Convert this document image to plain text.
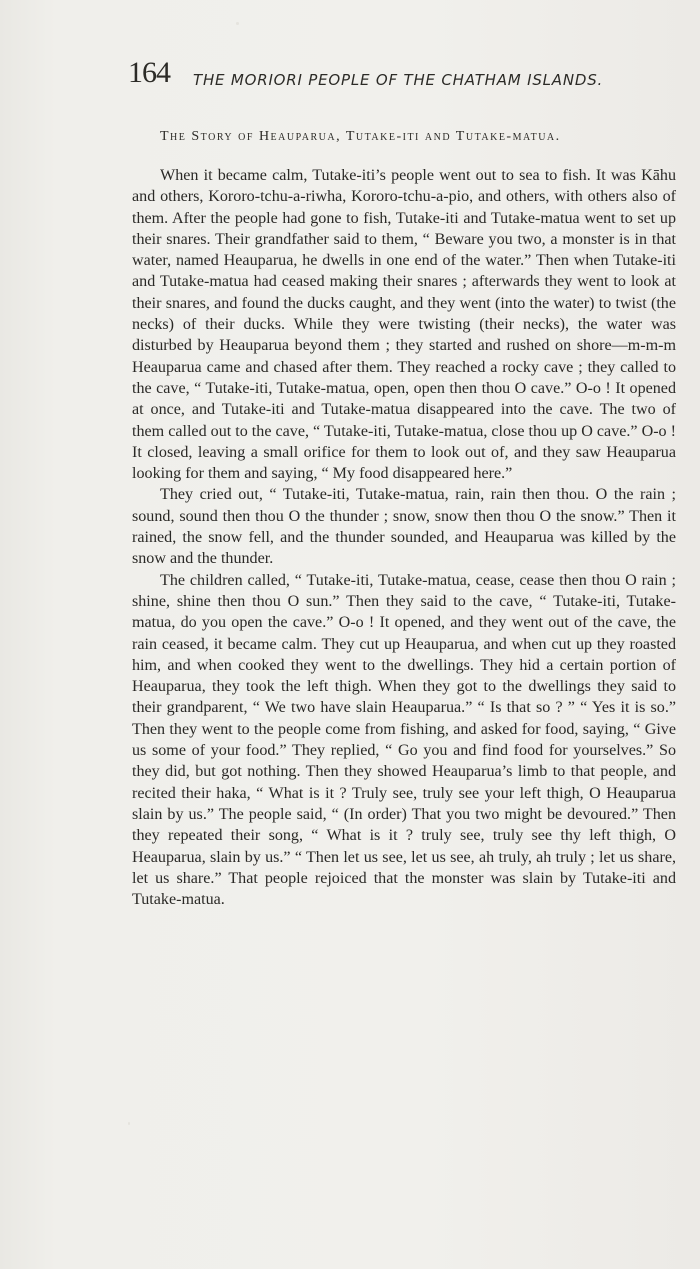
164 THE MORIORI PEOPLE OF THE CHATHAM ISLANDS.
The Story of Heauparua, Tutake-iti and Tutake-matua.

When it became calm, Tutake-iti’s people went out to sea to fish. It was Kāhu and others, Kororo-tchu-a-riwha, Kororo-tchu-a-pio, and others, with others also of them. After the people had gone to fish, Tutake-iti and Tutake-matua went to set up their snares. Their grandfather said to them, “ Beware you two, a monster is in that water, named Heauparua, he dwells in one end of the water.” Then when Tutake-iti and Tutake-matua had ceased making their snares ; afterwards they went to look at their snares, and found the ducks caught, and they went (into the water) to twist (the necks) of their ducks. While they were twisting (their necks), the water was disturbed by Heauparua beyond them ; they started and rushed on shore—m-m-m Heauparua came and chased after them. They reached a rocky cave ; they called to the cave, “ Tutake-iti, Tutake-matua, open, open then thou O cave.” O-o ! It opened at once, and Tutake-iti and Tutake-matua disappeared into the cave. The two of them called out to the cave, “ Tutake-iti, Tutake-matua, close thou up O cave.” O-o ! It closed, leaving a small orifice for them to look out of, and they saw Heauparua looking for them and saying, “ My food disappeared here.”

They cried out, “ Tutake-iti, Tutake-matua, rain, rain then thou. O the rain ; sound, sound then thou O the thunder ; snow, snow then thou O the snow.” Then it rained, the snow fell, and the thunder sounded, and Heauparua was killed by the snow and the thunder.

The children called, “ Tutake-iti, Tutake-matua, cease, cease then thou O rain ; shine, shine then thou O sun.” Then they said to the cave, “ Tutake-iti, Tutake-matua, do you open the cave.” O-o ! It opened, and they went out of the cave, the rain ceased, it became calm. They cut up Heauparua, and when cut up they roasted him, and when cooked they went to the dwellings. They hid a certain portion of Heauparua, they took the left thigh. When they got to the dwellings they said to their grandparent, “ We two have slain Heauparua.” “ Is that so ? ” “ Yes it is so.” Then they went to the people come from fishing, and asked for food, saying, “ Give us some of your food.” They replied, “ Go you and find food for yourselves.” So they did, but got nothing. Then they showed Heauparua’s limb to that people, and recited their haka, “ What is it ? Truly see, truly see your left thigh, O Heauparua slain by us.” The people said, “ (In order) That you two might be devoured.” Then they repeated their song, “ What is it ? truly see, truly see thy left thigh, O Heauparua, slain by us.” “ Then let us see, let us see, ah truly, ah truly ; let us share, let us share.” That people rejoiced that the monster was slain by Tutake-iti and Tutake-matua.
